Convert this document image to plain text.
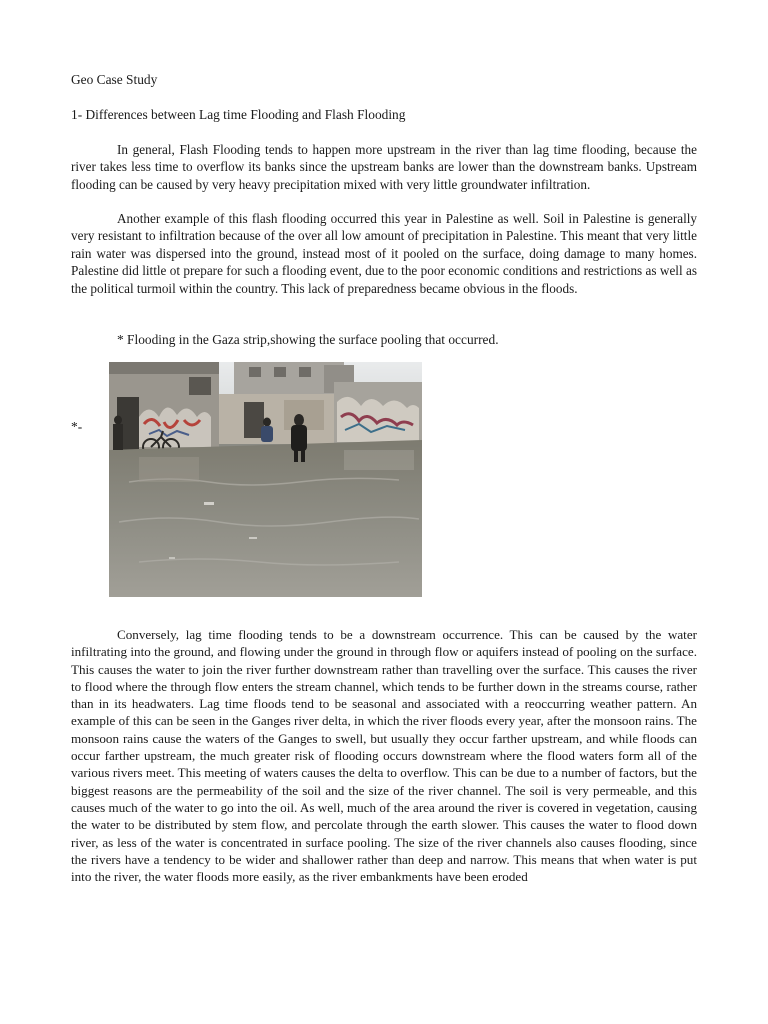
Geo Case Study

1- Differences between Lag time Flooding and Flash Flooding

In general, Flash Flooding tends to happen more upstream in the river than lag time flooding, because the river takes less time to overflow its banks since the upstream banks are lower than the downstream banks. Upstream flooding can be caused by very heavy precipitation mixed with very little groundwater infiltration.

Another example of this flash flooding occurred this year in Palestine as well. Soil in Palestine is generally very resistant to infiltration because of the over all low amount of precipitation in Palestine. This meant that very little rain water was dispersed into the ground, instead most of it pooled on the surface, doing damage to many homes. Palestine did little ot prepare for such a flooding event, due to the poor economic conditions and restrictions as well as the political turmoil within the country. This lack of preparedness became obvious in the floods.

* Flooding in the Gaza strip,showing the surface pooling that occurred.

*-

Conversely, lag time flooding tends to be a downstream occurrence. This can be caused by the water infiltrating into the ground, and flowing under the ground in through flow or aquifers instead of pooling on the surface. This causes the water to join the river further downstream rather than travelling over the surface. This causes the river to flood where the through flow enters the stream channel, which tends to be further down in the streams course, rather than in its headwaters. Lag time floods tend to be seasonal and associated with a reoccurring weather pattern. An example of this can be seen in the Ganges river delta, in which the river floods every year, after the monsoon rains. The monsoon rains cause the waters of the Ganges to swell, but usually they occur farther upstream, and while floods can occur farther upstream, the much greater risk of flooding occurs downstream where the flood waters form all of the various rivers meet. This meeting of waters causes the delta to overflow. This can be due to a number of factors, but the biggest reasons are the permeability of the soil and the size of the river channel. The soil is very permeable, and this causes much of the water to go into the oil. As well, much of the area around the river is covered in vegetation, causing the water to be distributed by stem flow, and percolate through the earth slower. This causes the water to flood down river, as less of the water is concentrated in surface pooling. The size of the river channels also causes flooding, since the rivers have a tendency to be wider and shallower rather than deep and narrow. This means that when water is put into the river, the water floods more easily, as the river embankments have been eroded
